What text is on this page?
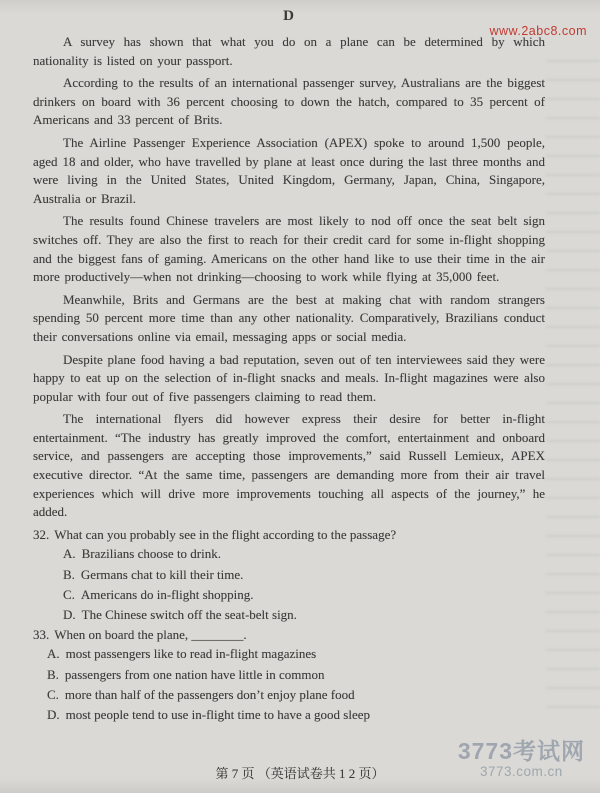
www.2abc8.com
D

A survey has shown that what you do on a plane can be determined by which nationality is listed on your passport.

According to the results of an international passenger survey, Australians are the biggest drinkers on board with 36 percent choosing to down the hatch, compared to 35 percent of Americans and 33 percent of Brits.

The Airline Passenger Experience Association (APEX) spoke to around 1,500 people, aged 18 and older, who have travelled by plane at least once during the last three months and were living in the United States, United Kingdom, Germany, Japan, China, Singapore, Australia or Brazil.

The results found Chinese travelers are most likely to nod off once the seat belt sign switches off. They are also the first to reach for their credit card for some in-flight shopping and the biggest fans of gaming. Americans on the other hand like to use their time in the air more productively—when not drinking—choosing to work while flying at 35,000 feet.

Meanwhile, Brits and Germans are the best at making chat with random strangers spending 50 percent more time than any other nationality. Comparatively, Brazilians conduct their conversations online via email, messaging apps or social media.

Despite plane food having a bad reputation, seven out of ten interviewees said they were happy to eat up on the selection of in-flight snacks and meals. In-flight magazines were also popular with four out of five passengers claiming to read them.

The international flyers did however express their desire for better in-flight entertainment. “The industry has greatly improved the comfort, entertainment and onboard service, and passengers are accepting those improvements,” said Russell Lemieux, APEX executive director. “At the same time, passengers are demanding more from their air travel experiences which will drive more improvements touching all aspects of the journey,” he added.

32. What can you probably see in the flight according to the passage?

A. Brazilians choose to drink.

B. Germans chat to kill their time.

C. Americans do in-flight shopping.

D. The Chinese switch off the seat-belt sign.

33. When on board the plane, ________.

A. most passengers like to read in-flight magazines

B. passengers from one nation have little in common

C. more than half of the passengers don’t enjoy plane food

D. most people tend to use in-flight time to have a good sleep

第 7 页 （英语试卷共 1 2 页）
3773考试网
3773.com.cn
